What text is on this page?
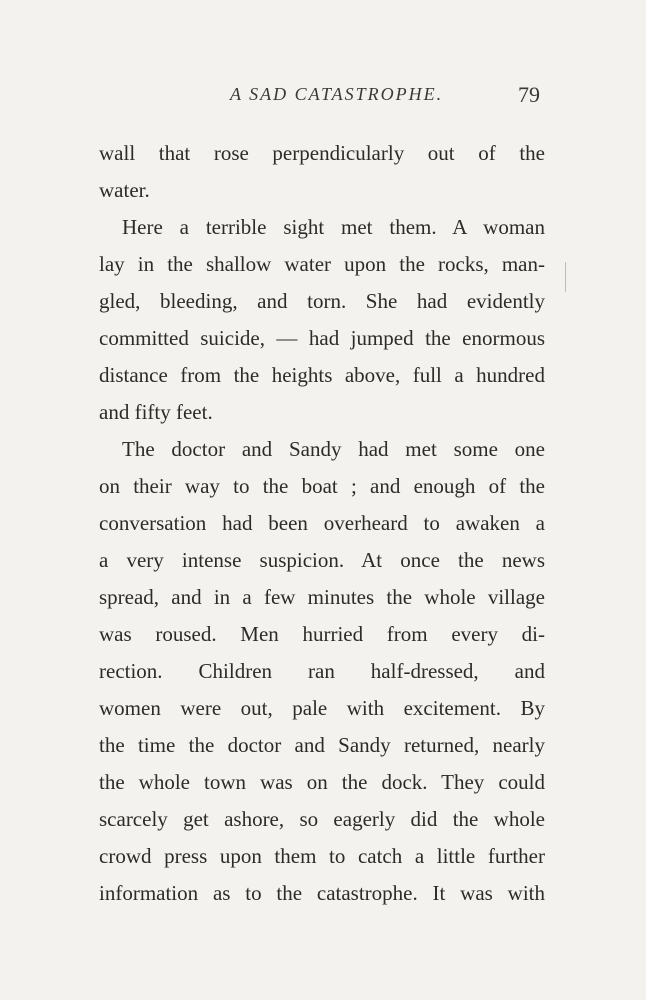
A SAD CATASTROPHE.	79
wall that rose perpendicularly out of the
water.
Here a terrible sight met them. A woman
lay in the shallow water upon the rocks, man-
gled, bleeding, and torn. She had evidently
committed suicide, — had jumped the enormous
distance from the heights above, full a hundred
and fifty feet.
The doctor and Sandy had met some one
on their way to the boat ; and enough of the
conversation had been overheard to awaken a
a very intense suspicion. At once the news
spread, and in a few minutes the whole village
was roused. Men hurried from every di-
rection. Children ran half-dressed, and
women were out, pale with excitement. By
the time the doctor and Sandy returned, nearly
the whole town was on the dock. They could
scarcely get ashore, so eagerly did the whole
crowd press upon them to catch a little further
information as to the catastrophe. It was with
